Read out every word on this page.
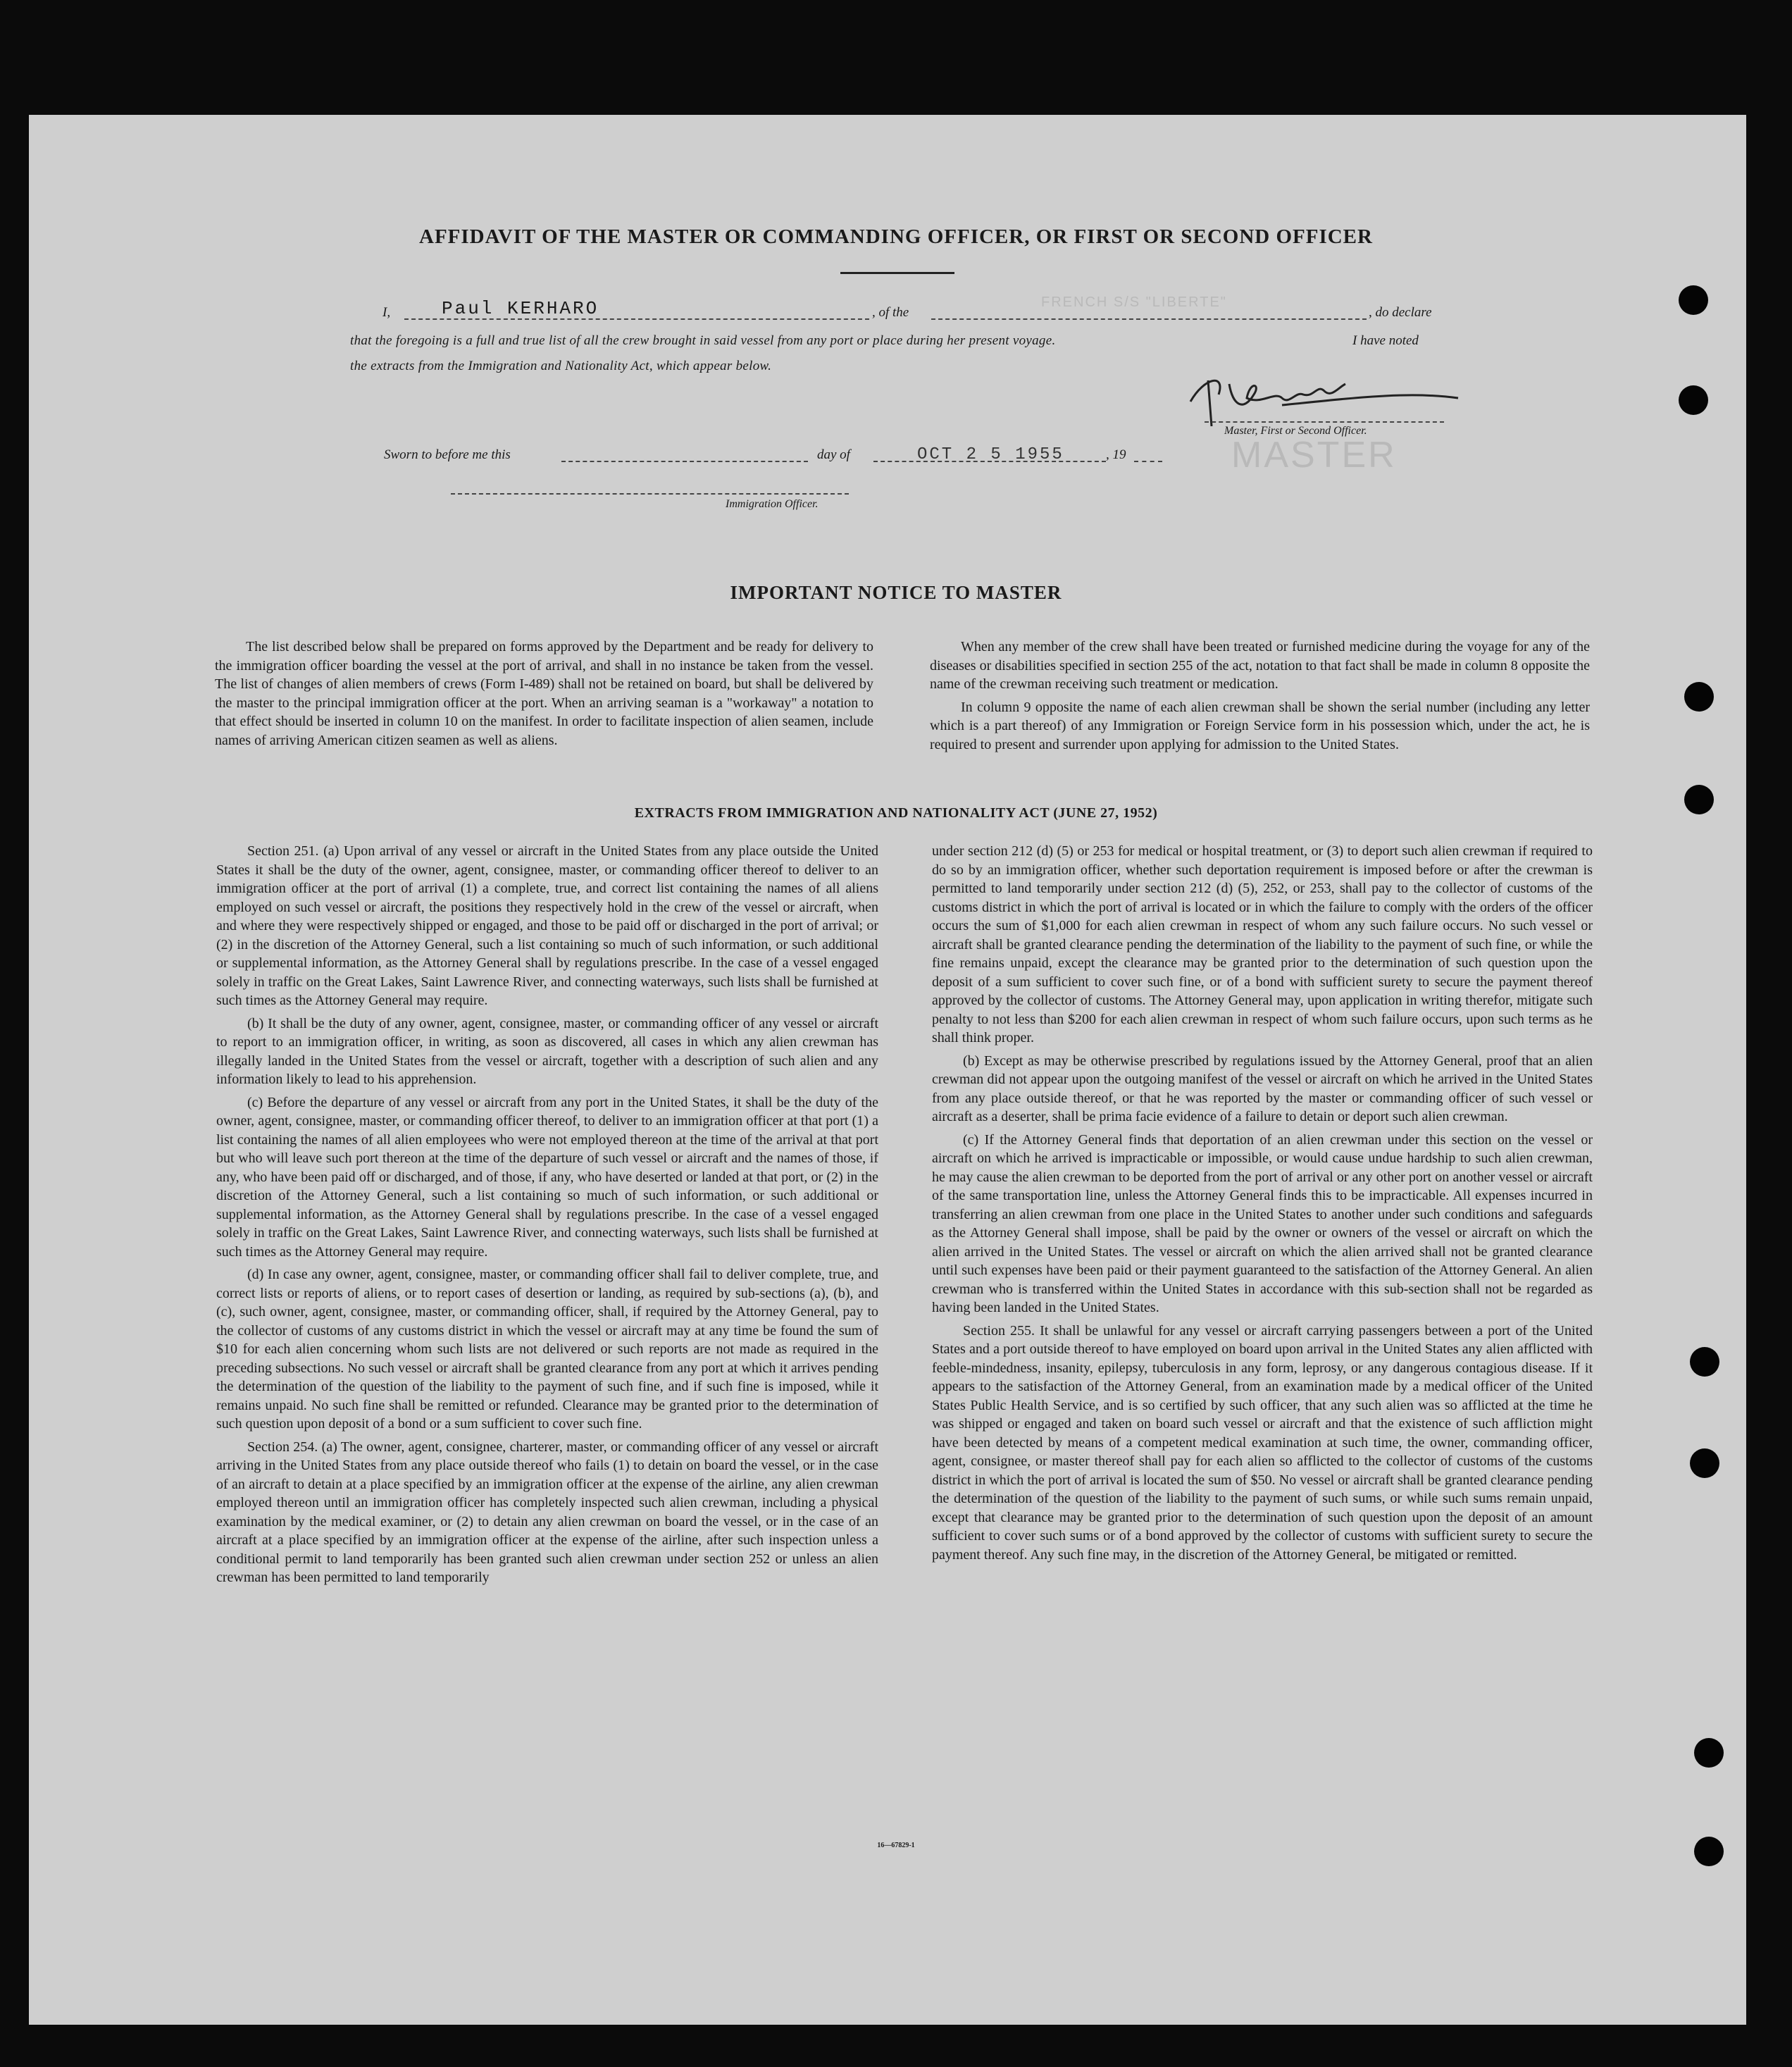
AFFIDAVIT OF THE MASTER OR COMMANDING OFFICER, OR FIRST OR SECOND OFFICER
I,	Paul KERHARO	, of the
FRENCH S/S "LIBERTE"
, do declare
that the foregoing is a full and true list of all the crew brought in said vessel from any port or place during her present voyage.	I have noted
the extracts from the Immigration and Nationality Act, which appear below.
Master, First or Second Officer.
MASTER
Sworn to before me this	day of	OCT 2 5 1955	, 19
Immigration Officer.
IMPORTANT NOTICE TO MASTER

The list described below shall be prepared on forms approved by the Department and be ready for delivery to the immigration officer boarding the vessel at the port of arrival, and shall in no instance be taken from the vessel. The list of changes of alien members of crews (Form I-489) shall not be retained on board, but shall be delivered by the master to the principal immigration officer at the port. When an arriving seaman is a "workaway" a notation to that effect should be inserted in column 10 on the manifest. In order to facilitate inspection of alien seamen, include names of arriving American citizen seamen as well as aliens.

When any member of the crew shall have been treated or furnished medicine during the voyage for any of the diseases or disabilities specified in section 255 of the act, notation to that fact shall be made in column 8 opposite the name of the crewman receiving such treatment or medication.

In column 9 opposite the name of each alien crewman shall be shown the serial number (including any letter which is a part thereof) of any Immigration or Foreign Service form in his possession which, under the act, he is required to present and surrender upon applying for admission to the United States.

EXTRACTS FROM IMMIGRATION AND NATIONALITY ACT (JUNE 27, 1952)

Section 251. (a) Upon arrival of any vessel or aircraft in the United States from any place outside the United States it shall be the duty of the owner, agent, consignee, master, or commanding officer thereof to deliver to an immigration officer at the port of arrival (1) a complete, true, and correct list containing the names of all aliens employed on such vessel or aircraft, the positions they respectively hold in the crew of the vessel or aircraft, when and where they were respectively shipped or engaged, and those to be paid off or discharged in the port of arrival; or (2) in the discretion of the Attorney General, such a list containing so much of such information, or such additional or supplemental information, as the Attorney General shall by regulations prescribe. In the case of a vessel engaged solely in traffic on the Great Lakes, Saint Lawrence River, and connecting waterways, such lists shall be furnished at such times as the Attorney General may require.

(b) It shall be the duty of any owner, agent, consignee, master, or commanding officer of any vessel or aircraft to report to an immigration officer, in writing, as soon as discovered, all cases in which any alien crewman has illegally landed in the United States from the vessel or aircraft, together with a description of such alien and any information likely to lead to his apprehension.

(c) Before the departure of any vessel or aircraft from any port in the United States, it shall be the duty of the owner, agent, consignee, master, or commanding officer thereof, to deliver to an immigration officer at that port (1) a list containing the names of all alien employees who were not employed thereon at the time of the arrival at that port but who will leave such port thereon at the time of the departure of such vessel or aircraft and the names of those, if any, who have been paid off or discharged, and of those, if any, who have deserted or landed at that port, or (2) in the discretion of the Attorney General, such a list containing so much of such information, or such additional or supplemental information, as the Attorney General shall by regulations prescribe. In the case of a vessel engaged solely in traffic on the Great Lakes, Saint Lawrence River, and connecting waterways, such lists shall be furnished at such times as the Attorney General may require.

(d) In case any owner, agent, consignee, master, or commanding officer shall fail to deliver complete, true, and correct lists or reports of aliens, or to report cases of desertion or landing, as required by sub-sections (a), (b), and (c), such owner, agent, consignee, master, or commanding officer, shall, if required by the Attorney General, pay to the collector of customs of any customs district in which the vessel or aircraft may at any time be found the sum of $10 for each alien concerning whom such lists are not delivered or such reports are not made as required in the preceding subsections. No such vessel or aircraft shall be granted clearance from any port at which it arrives pending the determination of the question of the liability to the payment of such fine, and if such fine is imposed, while it remains unpaid. No such fine shall be remitted or refunded. Clearance may be granted prior to the determination of such question upon deposit of a bond or a sum sufficient to cover such fine.

Section 254. (a) The owner, agent, consignee, charterer, master, or commanding officer of any vessel or aircraft arriving in the United States from any place outside thereof who fails (1) to detain on board the vessel, or in the case of an aircraft to detain at a place specified by an immigration officer at the expense of the airline, any alien crewman employed thereon until an immigration officer has completely inspected such alien crewman, including a physical examination by the medical examiner, or (2) to detain any alien crewman on board the vessel, or in the case of an aircraft at a place specified by an immigration officer at the expense of the airline, after such inspection unless a conditional permit to land temporarily has been granted such alien crewman under section 252 or unless an alien crewman has been permitted to land temporarily

under section 212 (d) (5) or 253 for medical or hospital treatment, or (3) to deport such alien crewman if required to do so by an immigration officer, whether such deportation requirement is imposed before or after the crewman is permitted to land temporarily under section 212 (d) (5), 252, or 253, shall pay to the collector of customs of the customs district in which the port of arrival is located or in which the failure to comply with the orders of the officer occurs the sum of $1,000 for each alien crewman in respect of whom any such failure occurs. No such vessel or aircraft shall be granted clearance pending the determination of the liability to the payment of such fine, or while the fine remains unpaid, except the clearance may be granted prior to the determination of such question upon the deposit of a sum sufficient to cover such fine, or of a bond with sufficient surety to secure the payment thereof approved by the collector of customs. The Attorney General may, upon application in writing therefor, mitigate such penalty to not less than $200 for each alien crewman in respect of whom such failure occurs, upon such terms as he shall think proper.

(b) Except as may be otherwise prescribed by regulations issued by the Attorney General, proof that an alien crewman did not appear upon the outgoing manifest of the vessel or aircraft on which he arrived in the United States from any place outside thereof, or that he was reported by the master or commanding officer of such vessel or aircraft as a deserter, shall be prima facie evidence of a failure to detain or deport such alien crewman.

(c) If the Attorney General finds that deportation of an alien crewman under this section on the vessel or aircraft on which he arrived is impracticable or impossible, or would cause undue hardship to such alien crewman, he may cause the alien crewman to be deported from the port of arrival or any other port on another vessel or aircraft of the same transportation line, unless the Attorney General finds this to be impracticable. All expenses incurred in transferring an alien crewman from one place in the United States to another under such conditions and safeguards as the Attorney General shall impose, shall be paid by the owner or owners of the vessel or aircraft on which the alien arrived in the United States. The vessel or aircraft on which the alien arrived shall not be granted clearance until such expenses have been paid or their payment guaranteed to the satisfaction of the Attorney General. An alien crewman who is transferred within the United States in accordance with this sub-section shall not be regarded as having been landed in the United States.

Section 255. It shall be unlawful for any vessel or aircraft carrying passengers between a port of the United States and a port outside thereof to have employed on board upon arrival in the United States any alien afflicted with feeble-mindedness, insanity, epilepsy, tuberculosis in any form, leprosy, or any dangerous contagious disease. If it appears to the satisfaction of the Attorney General, from an examination made by a medical officer of the United States Public Health Service, and is so certified by such officer, that any such alien was so afflicted at the time he was shipped or engaged and taken on board such vessel or aircraft and that the existence of such affliction might have been detected by means of a competent medical examination at such time, the owner, commanding officer, agent, consignee, or master thereof shall pay for each alien so afflicted to the collector of customs of the customs district in which the port of arrival is located the sum of $50. No vessel or aircraft shall be granted clearance pending the determination of the question of the liability to the payment of such sums, or while such sums remain unpaid, except that clearance may be granted prior to the determination of such question upon the deposit of an amount sufficient to cover such sums or of a bond approved by the collector of customs with sufficient surety to secure the payment thereof. Any such fine may, in the discretion of the Attorney General, be mitigated or remitted.

16—67829-1
